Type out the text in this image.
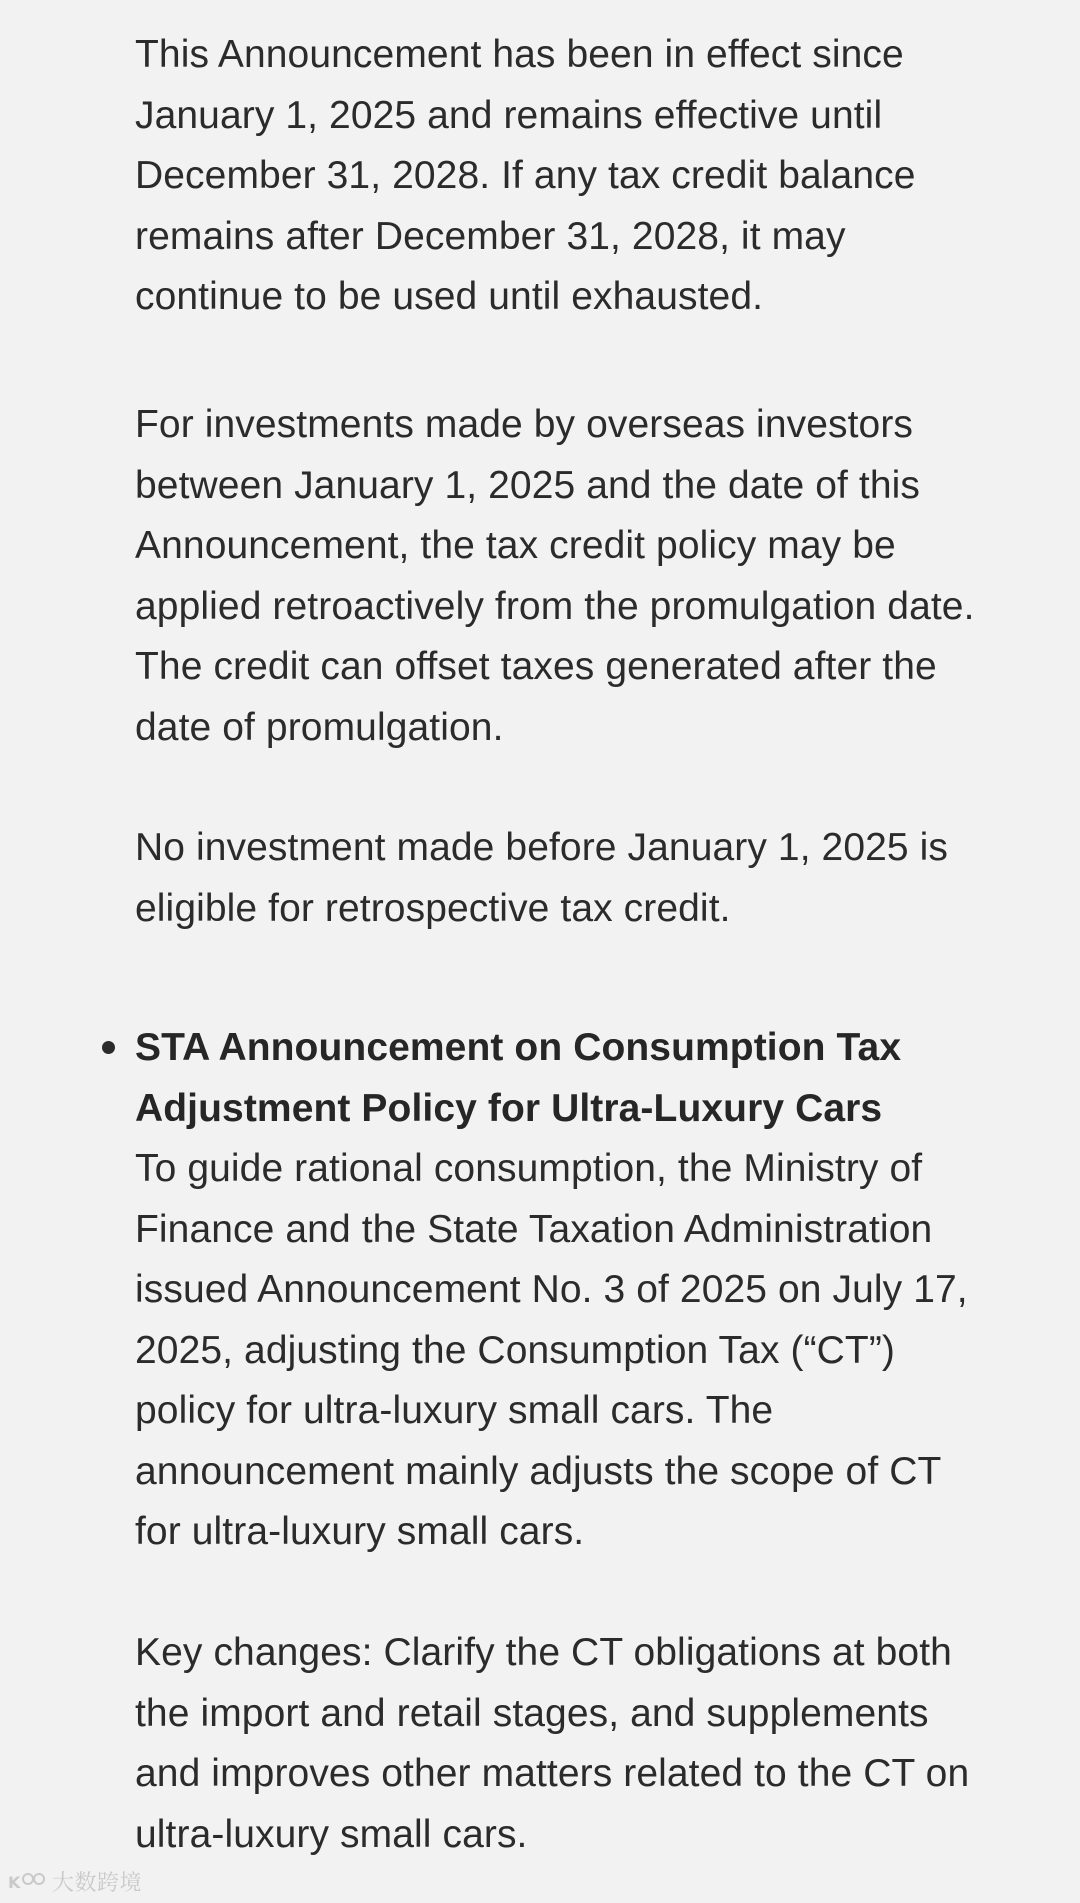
This Announcement has been in effect since
January 1, 2025 and remains effective until
December 31, 2028. If any tax credit balance
remains after December 31, 2028, it may
continue to be used until exhausted.
For investments made by overseas investors
between January 1, 2025 and the date of this
Announcement, the tax credit policy may be
applied retroactively from the promulgation date.
The credit can offset taxes generated after the
date of promulgation.
No investment made before January 1, 2025 is
eligible for retrospective tax credit.
STA Announcement on Consumption Tax
Adjustment Policy for Ultra-Luxury Cars
To guide rational consumption, the Ministry of
Finance and the State Taxation Administration
issued Announcement No. 3 of 2025 on July 17,
2025, adjusting the Consumption Tax (“CT”)
policy for ultra-luxury small cars. The
announcement mainly adjusts the scope of CT
for ultra-luxury small cars.
Key changes: Clarify the CT obligations at both
the import and retail stages, and supplements
and improves other matters related to the CT on
ultra-luxury small cars.
K 大数跨境
